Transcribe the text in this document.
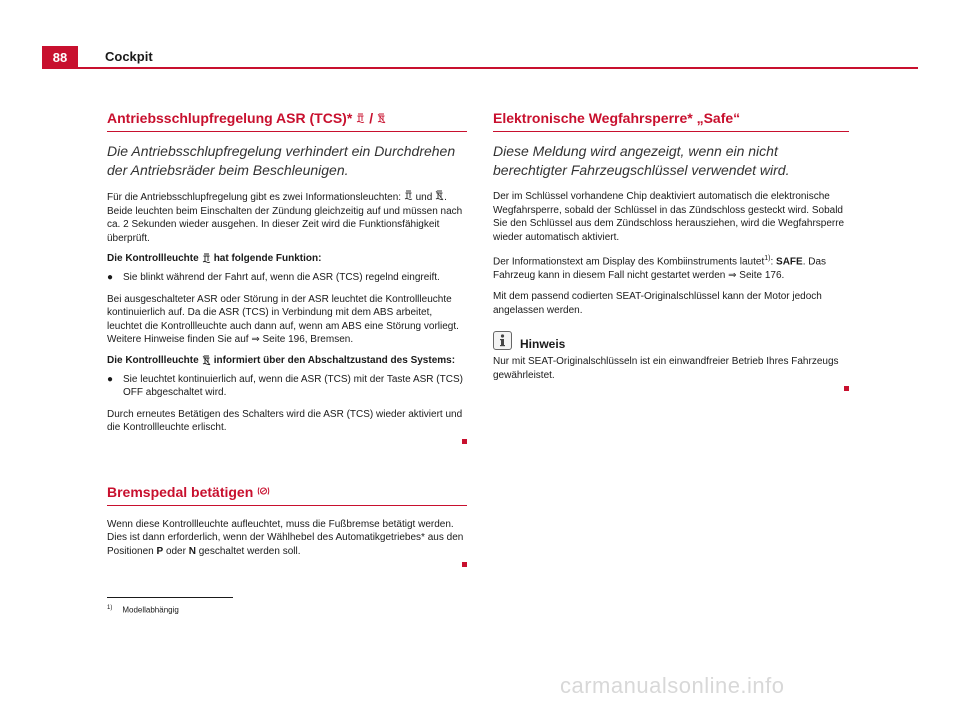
88	Cockpit
Antriebsschlupfregelung ASR (TCS)* /
Die Antriebsschlupfregelung verhindert ein Durchdrehen der Antriebsräder beim Beschleunigen.

Für die Antriebsschlupfregelung gibt es zwei Informationsleuchten: und . Beide leuchten beim Einschalten der Zündung gleichzeitig auf und müssen nach ca. 2 Sekunden wieder ausgehen. In dieser Zeit wird die Funktionsfähigkeit überprüft.

Die Kontrollleuchte hat folgende Funktion:
● Sie blinkt während der Fahrt auf, wenn die ASR (TCS) regelnd eingreift.

Bei ausgeschalteter ASR oder Störung in der ASR leuchtet die Kontrollleuchte kontinuierlich auf. Da die ASR (TCS) in Verbindung mit dem ABS arbeitet, leuchtet die Kontrollleuchte auch dann auf, wenn am ABS eine Störung vorliegt. Weitere Hinweise finden Sie auf ⇒ Seite 196, Bremsen.

Die Kontrollleuchte informiert über den Abschaltzustand des Systems:
● Sie leuchtet kontinuierlich auf, wenn die ASR (TCS) mit der Taste ASR (TCS) OFF abgeschaltet wird.

Durch erneutes Betätigen des Schalters wird die ASR (TCS) wieder aktiviert und die Kontrollleuchte erlischt.

Bremspedal betätigen

Wenn diese Kontrollleuchte aufleuchtet, muss die Fußbremse betätigt werden. Dies ist dann erforderlich, wenn der Wählhebel des Automatikgetriebes* aus den Positionen P oder N geschaltet werden soll.

Elektronische Wegfahrsperre* „Safe“
Diese Meldung wird angezeigt, wenn ein nicht berechtigter Fahrzeugschlüssel verwendet wird.

Der im Schlüssel vorhandene Chip deaktiviert automatisch die elektronische Wegfahrsperre, sobald der Schlüssel in das Zündschloss gesteckt wird. Sobald Sie den Schlüssel aus dem Zündschloss herausziehen, wird die Wegfahrsperre wieder automatisch aktiviert.

Der Informationstext am Display des Kombiinstruments lautet$^{1)}$: SAFE. Das Fahrzeug kann in diesem Fall nicht gestartet werden ⇒ Seite 176.

Mit dem passend codierten SEAT-Originalschlüssel kann der Motor jedoch angelassen werden.

Hinweis

Nur mit SEAT-Originalschlüsseln ist ein einwandfreier Betrieb Ihres Fahrzeugs gewährleistet.

$^{1)}$ Modellabhängig
carmanualsonline.info
